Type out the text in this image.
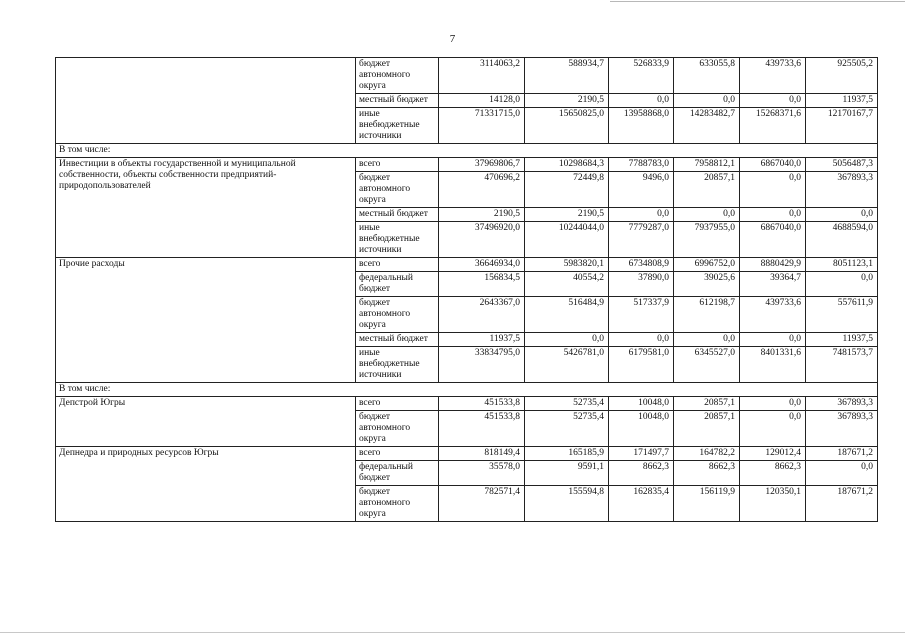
7
	бюджет автономного округа	3114063,2	588934,7	526833,9	633055,8	439733,6	925505,2
	местный бюджет	14128,0	2190,5	0,0	0,0	0,0	11937,5
	иные внебюджетные источники	71331715,0	15650825,0	13958868,0	14283482,7	15268371,6	12170167,7
В том числе:							
Инвестиции в объекты государственной и муниципальной собственности, объекты собственности предприятий-природопользователей	всего	37969806,7	10298684,3	7788783,0	7958812,1	6867040,0	5056487,3
	бюджет автономного округа	470696,2	72449,8	9496,0	20857,1	0,0	367893,3
	местный бюджет	2190,5	2190,5	0,0	0,0	0,0	0,0
	иные внебюджетные источники	37496920,0	10244044,0	7779287,0	7937955,0	6867040,0	4688594,0
Прочие расходы	всего	36646934,0	5983820,1	6734808,9	6996752,0	8880429,9	8051123,1
	федеральный бюджет	156834,5	40554,2	37890,0	39025,6	39364,7	0,0
	бюджет автономного округа	2643367,0	516484,9	517337,9	612198,7	439733,6	557611,9
	местный бюджет	11937,5	0,0	0,0	0,0	0,0	11937,5
	иные внебюджетные источники	33834795,0	5426781,0	6179581,0	6345527,0	8401331,6	7481573,7
В том числе:							
Депстрой Югры	всего	451533,8	52735,4	10048,0	20857,1	0,0	367893,3
	бюджет автономного округа	451533,8	52735,4	10048,0	20857,1	0,0	367893,3
Депнедра и природных ресурсов Югры	всего	818149,4	165185,9	171497,7	164782,2	129012,4	187671,2
	федеральный бюджет	35578,0	9591,1	8662,3	8662,3	8662,3	0,0
	бюджет автономного округа	782571,4	155594,8	162835,4	156119,9	120350,1	187671,2
